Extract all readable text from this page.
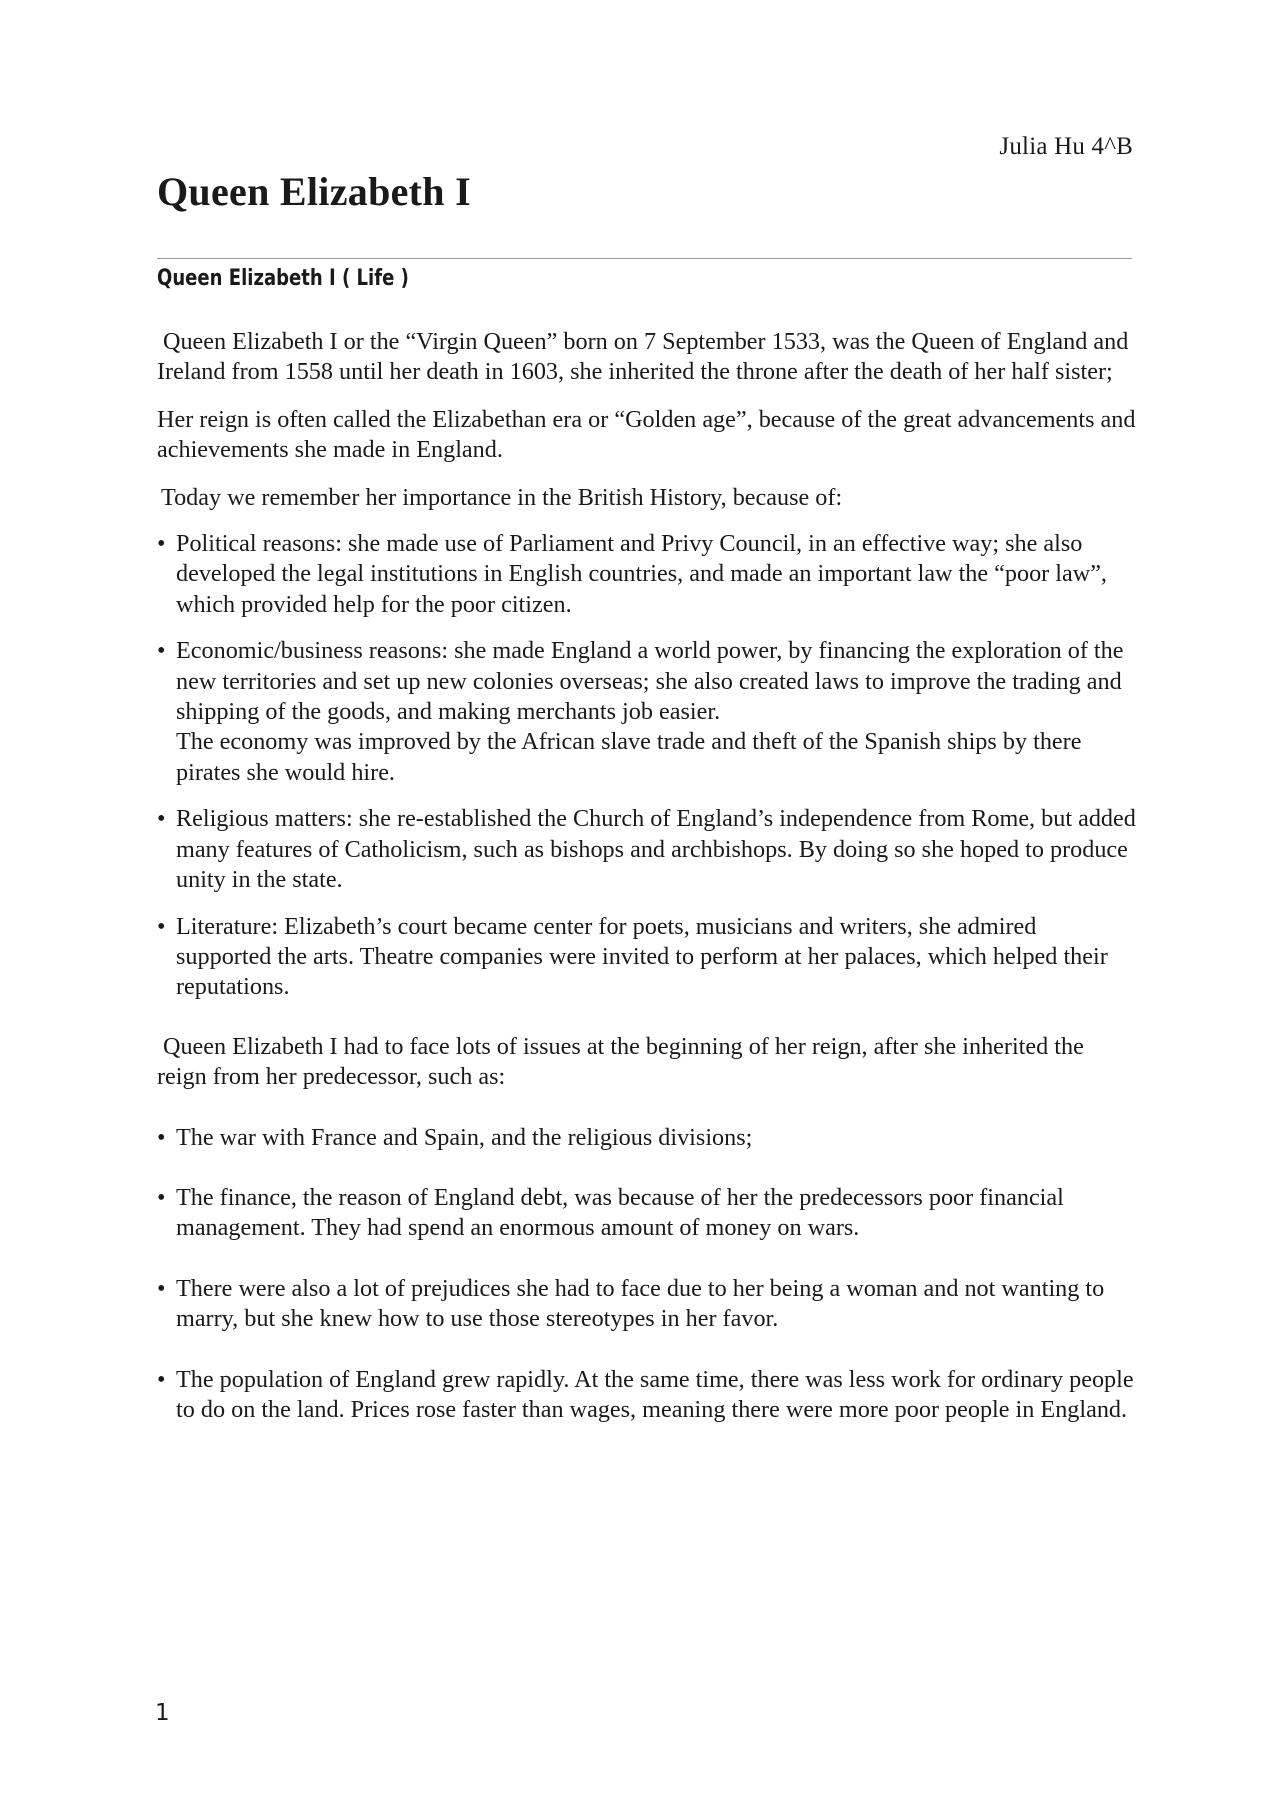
Julia Hu 4^B
Queen Elizabeth I
Queen Elizabeth I ( Life )

Queen Elizabeth I or the “Virgin Queen” born on 7 September 1533, was the Queen of England and Ireland from 1558 until her death in 1603, she inherited the throne after the death of her half sister;

Her reign is often called the Elizabethan era or “Golden age”, because of the great advancements and achievements she made in England.

Today we remember her importance in the British History, because of:

• Political reasons: she made use of Parliament and Privy Council, in an effective way; she also developed the legal institutions in English countries, and made an important law the “poor law”, which provided help for the poor citizen.
• Economic/business reasons: she made England a world power, by financing the exploration of the new territories and set up new colonies overseas; she also created laws to improve the trading and shipping of the goods, and making merchants job easier.
The economy was improved by the African slave trade and theft of the Spanish ships by there pirates she would hire.
• Religious matters: she re-established the Church of England’s independence from Rome, but added many features of Catholicism, such as bishops and archbishops. By doing so she hoped to produce unity in the state.
• Literature: Elizabeth’s court became center for poets, musicians and writers, she admired supported the arts. Theatre companies were invited to perform at her palaces, which helped their reputations.

Queen Elizabeth I had to face lots of issues at the beginning of her reign, after she inherited the reign from her predecessor, such as:

• The war with France and Spain, and the religious divisions;
• The finance, the reason of England debt, was because of her the predecessors poor financial management. They had spend an enormous amount of money on wars.
• There were also a lot of prejudices she had to face due to her being a woman and not wanting to marry, but she knew how to use those stereotypes in her favor.
• The population of England grew rapidly. At the same time, there was less work for ordinary people to do on the land. Prices rose faster than wages, meaning there were more poor people in England.
1
